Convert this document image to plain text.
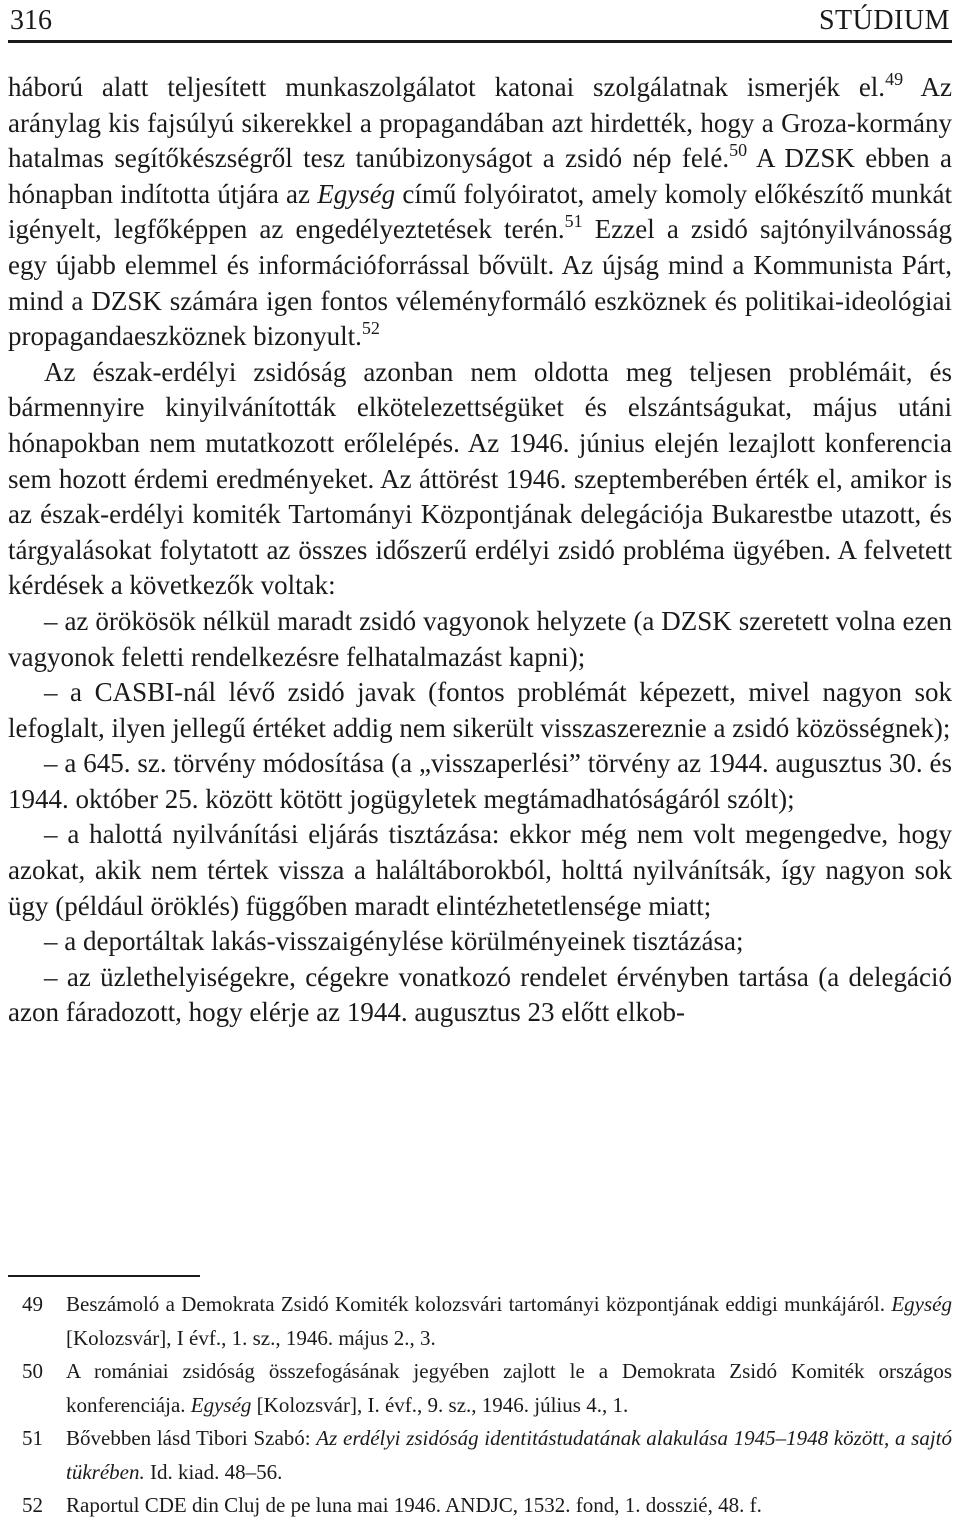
316	STÚDIUM

háború alatt teljesített munkaszolgálatot katonai szolgálatnak ismerjék el.$^{49}$ Az aránylag kis fajsúlyú sikerekkel a propagandában azt hirdették, hogy a Groza-kormány hatalmas segítőkészségről tesz tanúbizonyságot a zsidó nép felé.$^{50}$ A DZSK ebben a hónapban indította útjára az Egység című folyóiratot, amely komoly előkészítő munkát igényelt, legfőképpen az engedélyeztetések terén.$^{51}$ Ezzel a zsidó sajtónyilvánosság egy újabb elemmel és információforrással bővült. Az újság mind a Kommunista Párt, mind a DZSK számára igen fontos véleményformáló eszköznek és politikai-ideológiai propagandaeszköznek bizonyult.$^{52}$

Az észak-erdélyi zsidóság azonban nem oldotta meg teljesen problémáit, és bármennyire kinyilvánították elkötelezettségüket és elszántságukat, május utáni hónapokban nem mutatkozott erőlelépés. Az 1946. június elején lezajlott konferencia sem hozott érdemi eredményeket. Az áttörést 1946. szeptemberében érték el, amikor is az észak-erdélyi komiték Tartományi Központjának delegációja Bukarestbe utazott, és tárgyalásokat folytatott az összes időszerű erdélyi zsidó probléma ügyében. A felvetett kérdések a következők voltak:

– az örökösök nélkül maradt zsidó vagyonok helyzete (a DZSK szeretett volna ezen vagyonok feletti rendelkezésre felhatalmazást kapni);

– a CASBI-nál lévő zsidó javak (fontos problémát képezett, mivel nagyon sok lefoglalt, ilyen jellegű értéket addig nem sikerült visszaszereznie a zsidó közösségnek);

– a 645. sz. törvény módosítása (a „visszaperlési” törvény az 1944. augusztus 30. és 1944. október 25. között kötött jogügyletek megtámadhatóságáról szólt);

– a halottá nyilvánítási eljárás tisztázása: ekkor még nem volt megengedve, hogy azokat, akik nem tértek vissza a haláltáborokból, holttá nyilvánítsák, így nagyon sok ügy (például öröklés) függőben maradt elintézhetetlensége miatt;

– a deportáltak lakás-visszaigénylése körülményeinek tisztázása;

– az üzlethelyiségekre, cégekre vonatkozó rendelet érvényben tartása (a delegáció azon fáradozott, hogy elérje az 1944. augusztus 23 előtt elkob-

49 Beszámoló a Demokrata Zsidó Komiték kolozsvári tartományi központjának eddigi munkájáról. Egység [Kolozsvár], I évf., 1. sz., 1946. május 2., 3.
50 A romániai zsidóság összefogásának jegyében zajlott le a Demokrata Zsidó Komiték országos konferenciája. Egység [Kolozsvár], I. évf., 9. sz., 1946. július 4., 1.
51 Bővebben lásd Tibori Szabó: Az erdélyi zsidóság identitástudatának alakulása 1945–1948 között, a sajtó tükrében. Id. kiad. 48–56.
52 Raportul CDE din Cluj de pe luna mai 1946. ANDJC, 1532. fond, 1. dosszié, 48. f.
